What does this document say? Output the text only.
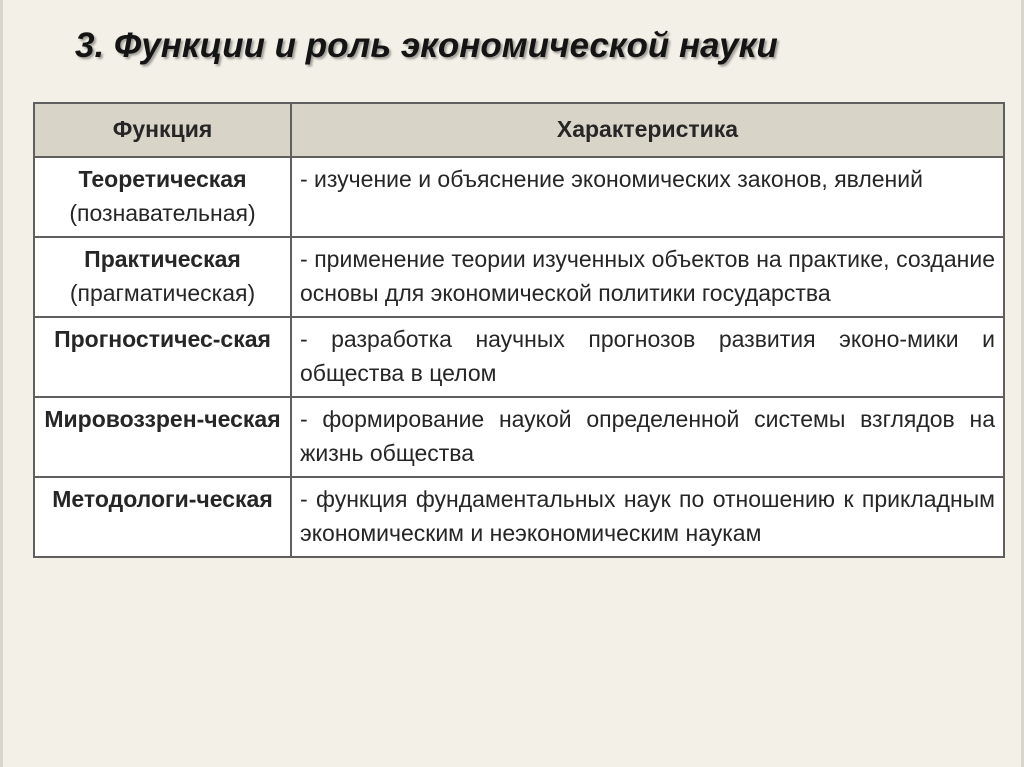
3. Функции и роль экономической науки
Функция	Характеристика
Теоретическая
(познавательная)	- изучение и объяснение экономических законов, явлений
Практическая
(прагматическая)	- применение теории изученных объектов на практике, создание основы для экономической политики государства
Прогностичес-ская	- разработка научных прогнозов развития эконо-мики и общества в целом
Мировоззрен-ческая	- формирование наукой определенной системы взглядов на жизнь общества
Методологи-ческая	- функция фундаментальных наук по отношению к прикладным экономическим и неэкономическим наукам
